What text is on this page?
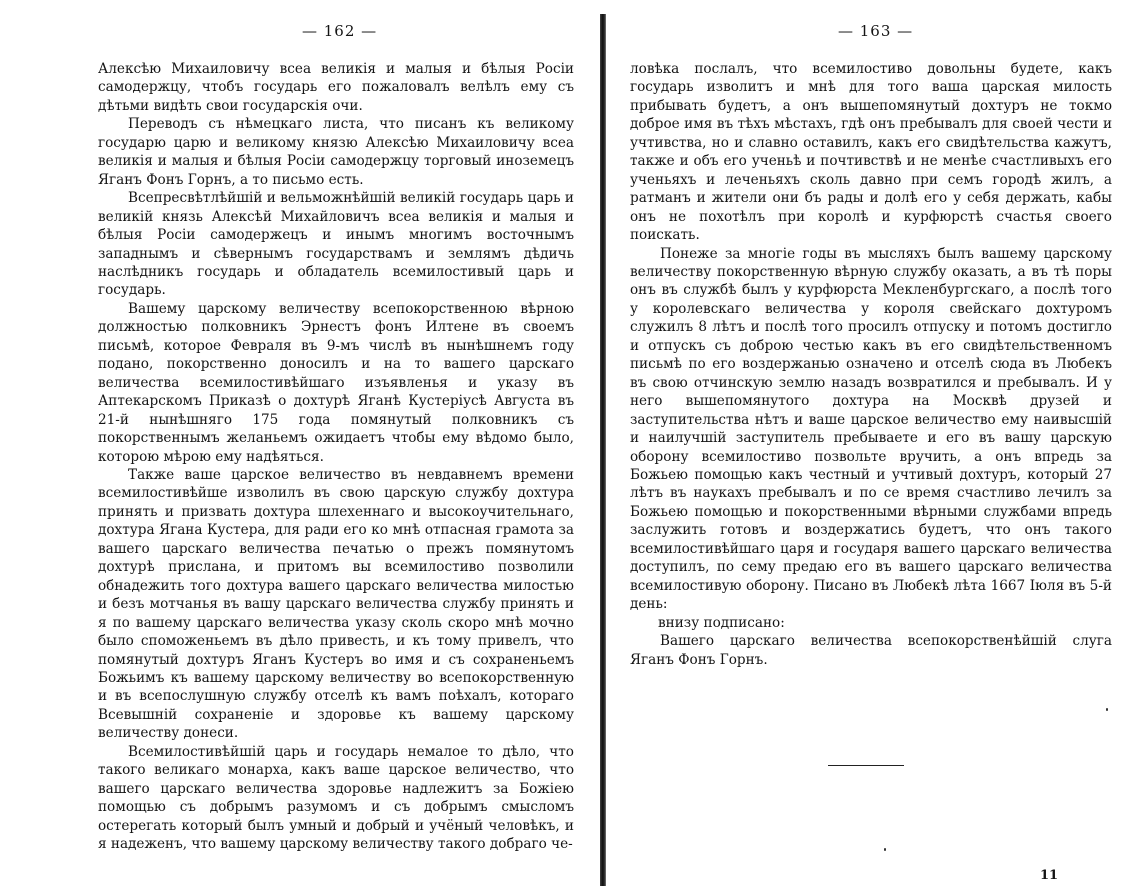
— 162 —

Алексѣю Михаиловичу всеа великія и малыя и бѣлыя Росіи самодержцу, чтобъ государь его пожаловалъ велѣлъ ему съ дѣтьми видѣть свои государскія очи.

Переводъ съ нѣмецкаго листа, что писанъ къ великому государю царю и великому князю Алексѣю Михаиловичу всеа великія и малыя и бѣлыя Росіи самодержцу торговый иноземецъ Яганъ Фонъ Горнъ, а то письмо есть.

Всепресвѣтлѣйшій и вельможнѣйшій великій государь царь и великій князь Алексѣй Михайловичъ всеа великія и малыя и бѣлыя Росіи самодержецъ и инымъ многимъ восточнымъ западнымъ и сѣвернымъ государствамъ и землямъ дѣдичь наслѣдникъ государь и обладатель всемилостивый царь и государь.

Вашему царскому величеству всепокорственною вѣрною должностью полковникъ Эрнестъ фонъ Илтене въ своемъ письмѣ, которое Февраля въ 9-мъ числѣ въ нынѣшнемъ году подано, покорственно доносилъ и на то вашего царскаго величества всемилостивѣйшаго изъявленья и указу въ Аптекарскомъ Приказѣ о дохтурѣ Яганѣ Кустеріусѣ Августа въ 21-й нынѣшняго 175 года помянутый полковникъ съ покорственнымъ желаньемъ ожидаетъ чтобы ему вѣдомо было, которою мѣрою ему надѣяться.

Также ваше царское величество въ невдавнемъ времени всемилостивѣйше изволилъ въ свою царскую службу дохтура принять и призвать дохтура шлехеннаго и высокоучительнаго, дохтура Ягана Кустера, для ради его ко мнѣ отпасная грамота за вашего царскаго величества печатью о прежъ помянутомъ дохтурѣ прислана, и притомъ вы всемилостиво позволили обнадежить того дохтура вашего царскаго величества милостью и безъ мотчанья въ вашу царскаго величества службу принять и я по вашему царскаго величества указу сколь скоро мнѣ мочно было споможеньемъ въ дѣло привесть, и къ тому привелъ, что помянутый дохтуръ Яганъ Кустеръ во имя и съ сохраненьемъ Божьимъ къ вашему царскому величеству во всепокорственную и въ всепослушную службу отселѣ къ вамъ поѣхалъ, котораго Всевышній сохраненіе и здоровье къ вашему царскому величеству донеси.

Всемилостивѣйшій царь и государь немалое то дѣло, что такого великаго монарха, какъ ваше царское величество, что вашего царскаго величества здоровье надлежитъ за Божіею помощью съ добрымъ разумомъ и съ добрымъ смысломъ остерегать который былъ умный и добрый и учёный человѣкъ, и я надеженъ, что вашему царскому величеству такого добраго че-

— 163 —

ловѣка послалъ, что всемилостиво довольны будете, какъ государь изволитъ и мнѣ для того ваша царская милость прибывать будетъ, а онъ вышепомянутый дохтуръ не токмо доброе имя въ тѣхъ мѣстахъ, гдѣ онъ пребывалъ для своей чести и учтивства, но и славно оставилъ, какъ его свидѣтельства кажутъ, также и объ его ученьѣ и почтивствѣ и не менѣе счастливыхъ его ученьяхъ и леченьяхъ сколь давно при семъ городѣ жилъ, а ратманъ и жители они бъ рады и долѣ его у себя держать, кабы онъ не похотѣлъ при королѣ и курфюрстѣ счастья своего поискать.

Понеже за многіе годы въ мысляхъ былъ вашему царскому величеству покорственную вѣрную службу оказать, а въ тѣ поры онъ въ службѣ былъ у курфюрста Мекленбургскаго, а послѣ того у королевскаго величества у короля свейскаго дохтуромъ служилъ 8 лѣтъ и послѣ того просилъ отпуску и потомъ достигло и отпускъ съ доброю честью какъ въ его свидѣтельственномъ письмѣ по его воздержанью означено и отселѣ сюда въ Любекъ въ свою отчинскую землю назадъ возвратился и пребывалъ. И у него вышепомянутого дохтура на Москвѣ друзей и заступительства нѣтъ и ваше царское величество ему наивысшій и наилучшій заступитель пребываете и его въ вашу царскую оборону всемилостиво позвольте вручить, а онъ впредь за Божьею помощью какъ честный и учтивый дохтуръ, который 27 лѣтъ въ наукахъ пребывалъ и по се время счастливо лечилъ за Божьею помощью и покорственными вѣрными службами впредь заслужить готовъ и воздержатись будетъ, что онъ такого всемилостивѣйшаго царя и государя вашего царскаго величества доступилъ, по сему предаю его въ вашего царскаго величества всемилостивую оборону. Писано въ Любекѣ лѣта 1667 Іюля въ 5-й день:

внизу подписано:

Вашего царскаго величества всепокорственѣйшій слуга Яганъ Фонъ Горнъ.

11
